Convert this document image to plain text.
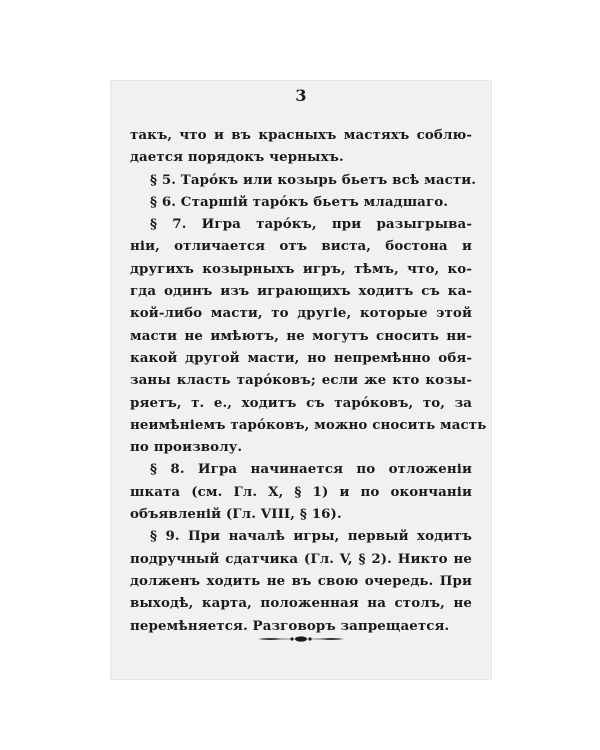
3
такъ, что и въ красныхъ мастяхъ соблю-
дается порядокъ черныхъ.
§ 5. Тарóкъ или козырь бьетъ всѣ масти.
§ 6. Старшій тарóкъ бьетъ младшаго.
§ 7. Игра тарóкъ, при разыгрыва-
ніи, отличается отъ виста, бостона и
другихъ козырныхъ игръ, тѣмъ, что, ко-
гда одинъ изъ играющихъ ходитъ съ ка-
кой-либо масти, то другіе, которые этой
масти не имѣютъ, не могутъ сносить ни-
какой другой масти, но непремѣнно обя-
заны класть тарóковъ; если же кто козы-
ряетъ, т. е., ходитъ съ тарóковъ, то, за
неимѣніемъ тарóковъ, можно сносить масть
по произволу.
§ 8. Игра начинается по отложеніи
шката (см. Гл. X, § 1) и по окончаніи
объявленій (Гл. VIII, § 16).
§ 9. При началѣ игры, первый ходитъ
подручный сдатчика (Гл. V, § 2). Никто не
долженъ ходить не въ свою очередь. При
выходѣ, карта, положенная на столъ, не
перемѣняется. Разговоръ запрещается.
